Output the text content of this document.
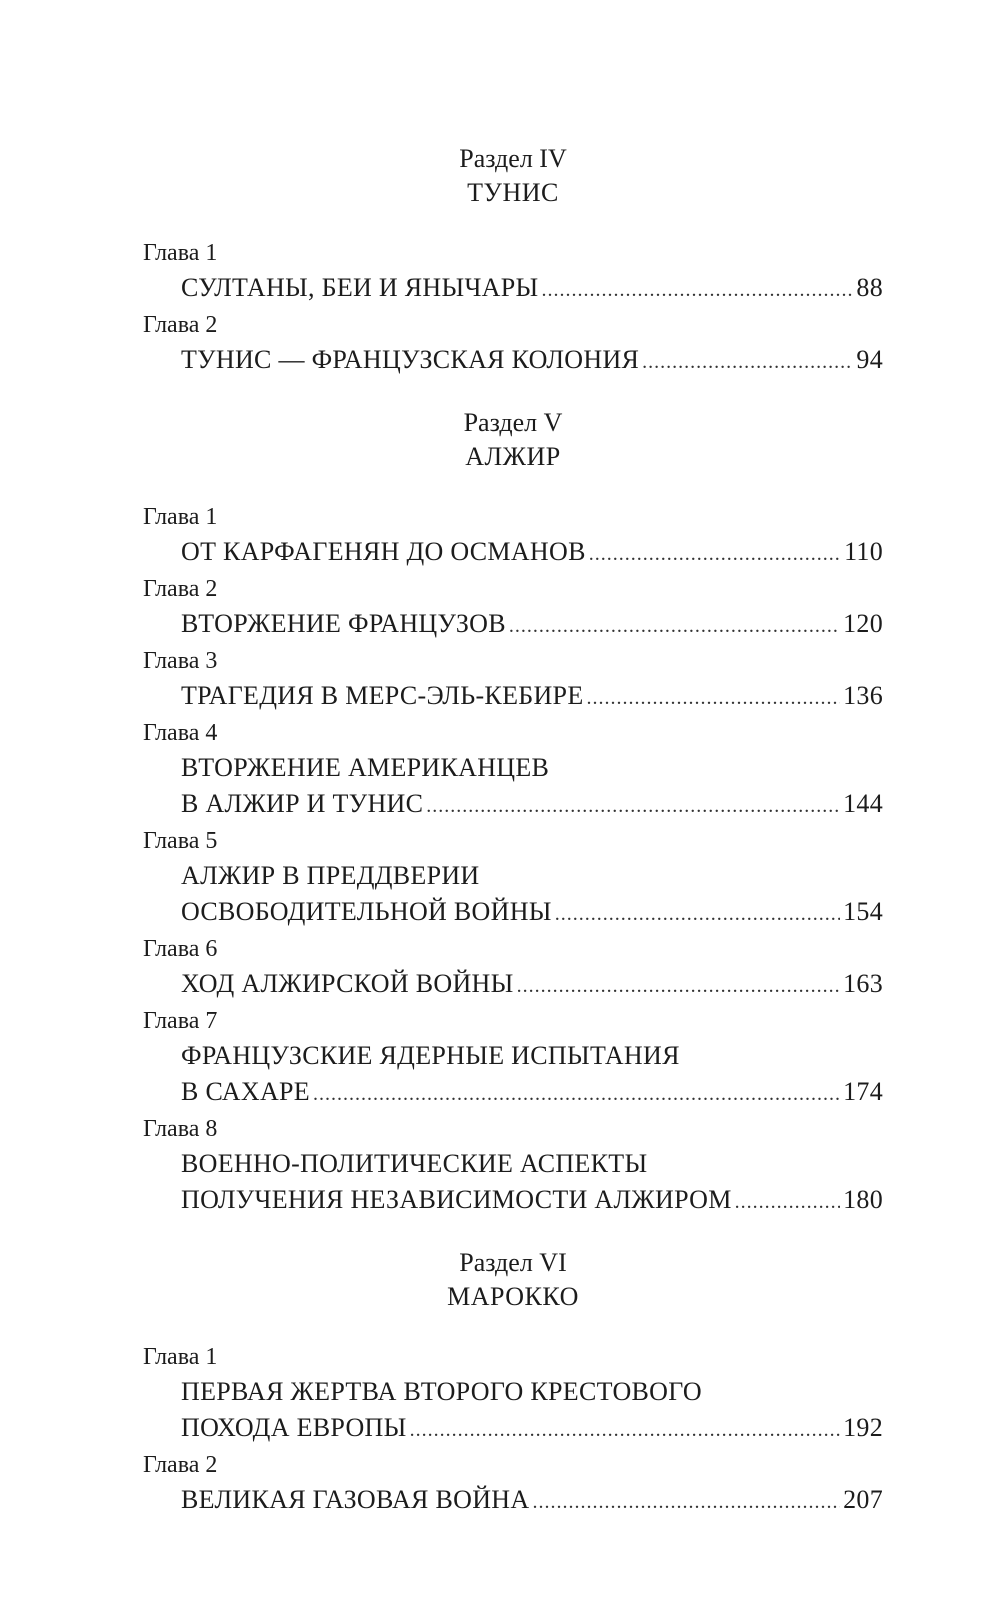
Раздел IV
ТУНИС
Глава 1
СУЛТАНЫ, БЕИ И ЯНЫЧАРЫ .....	88
Глава 2
ТУНИС — ФРАНЦУЗСКАЯ КОЛОНИЯ .....	94
Раздел V
АЛЖИР
Глава 1
ОТ КАРФАГЕНЯН ДО ОСМАНОВ .....	110
Глава 2
ВТОРЖЕНИЕ ФРАНЦУЗОВ .....	120
Глава 3
ТРАГЕДИЯ В МЕРС-ЭЛЬ-КЕБИРЕ .....	136
Глава 4
ВТОРЖЕНИЕ АМЕРИКАНЦЕВ
В АЛЖИР И ТУНИС .....	144
Глава 5
АЛЖИР В ПРЕДДВЕРИИ
ОСВОБОДИТЕЛЬНОЙ ВОЙНЫ .....	154
Глава 6
ХОД АЛЖИРСКОЙ ВОЙНЫ .....	163
Глава 7
ФРАНЦУЗСКИЕ ЯДЕРНЫЕ ИСПЫТАНИЯ
В САХАРЕ .....	174
Глава 8
ВОЕННО-ПОЛИТИЧЕСКИЕ АСПЕКТЫ
ПОЛУЧЕНИЯ НЕЗАВИСИМОСТИ АЛЖИРОМ .....	180
Раздел VI
МАРОККО
Глава 1
ПЕРВАЯ ЖЕРТВА ВТОРОГО КРЕСТОВОГО
ПОХОДА ЕВРОПЫ .....	192
Глава 2
ВЕЛИКАЯ ГАЗОВАЯ ВОЙНА .....	207
